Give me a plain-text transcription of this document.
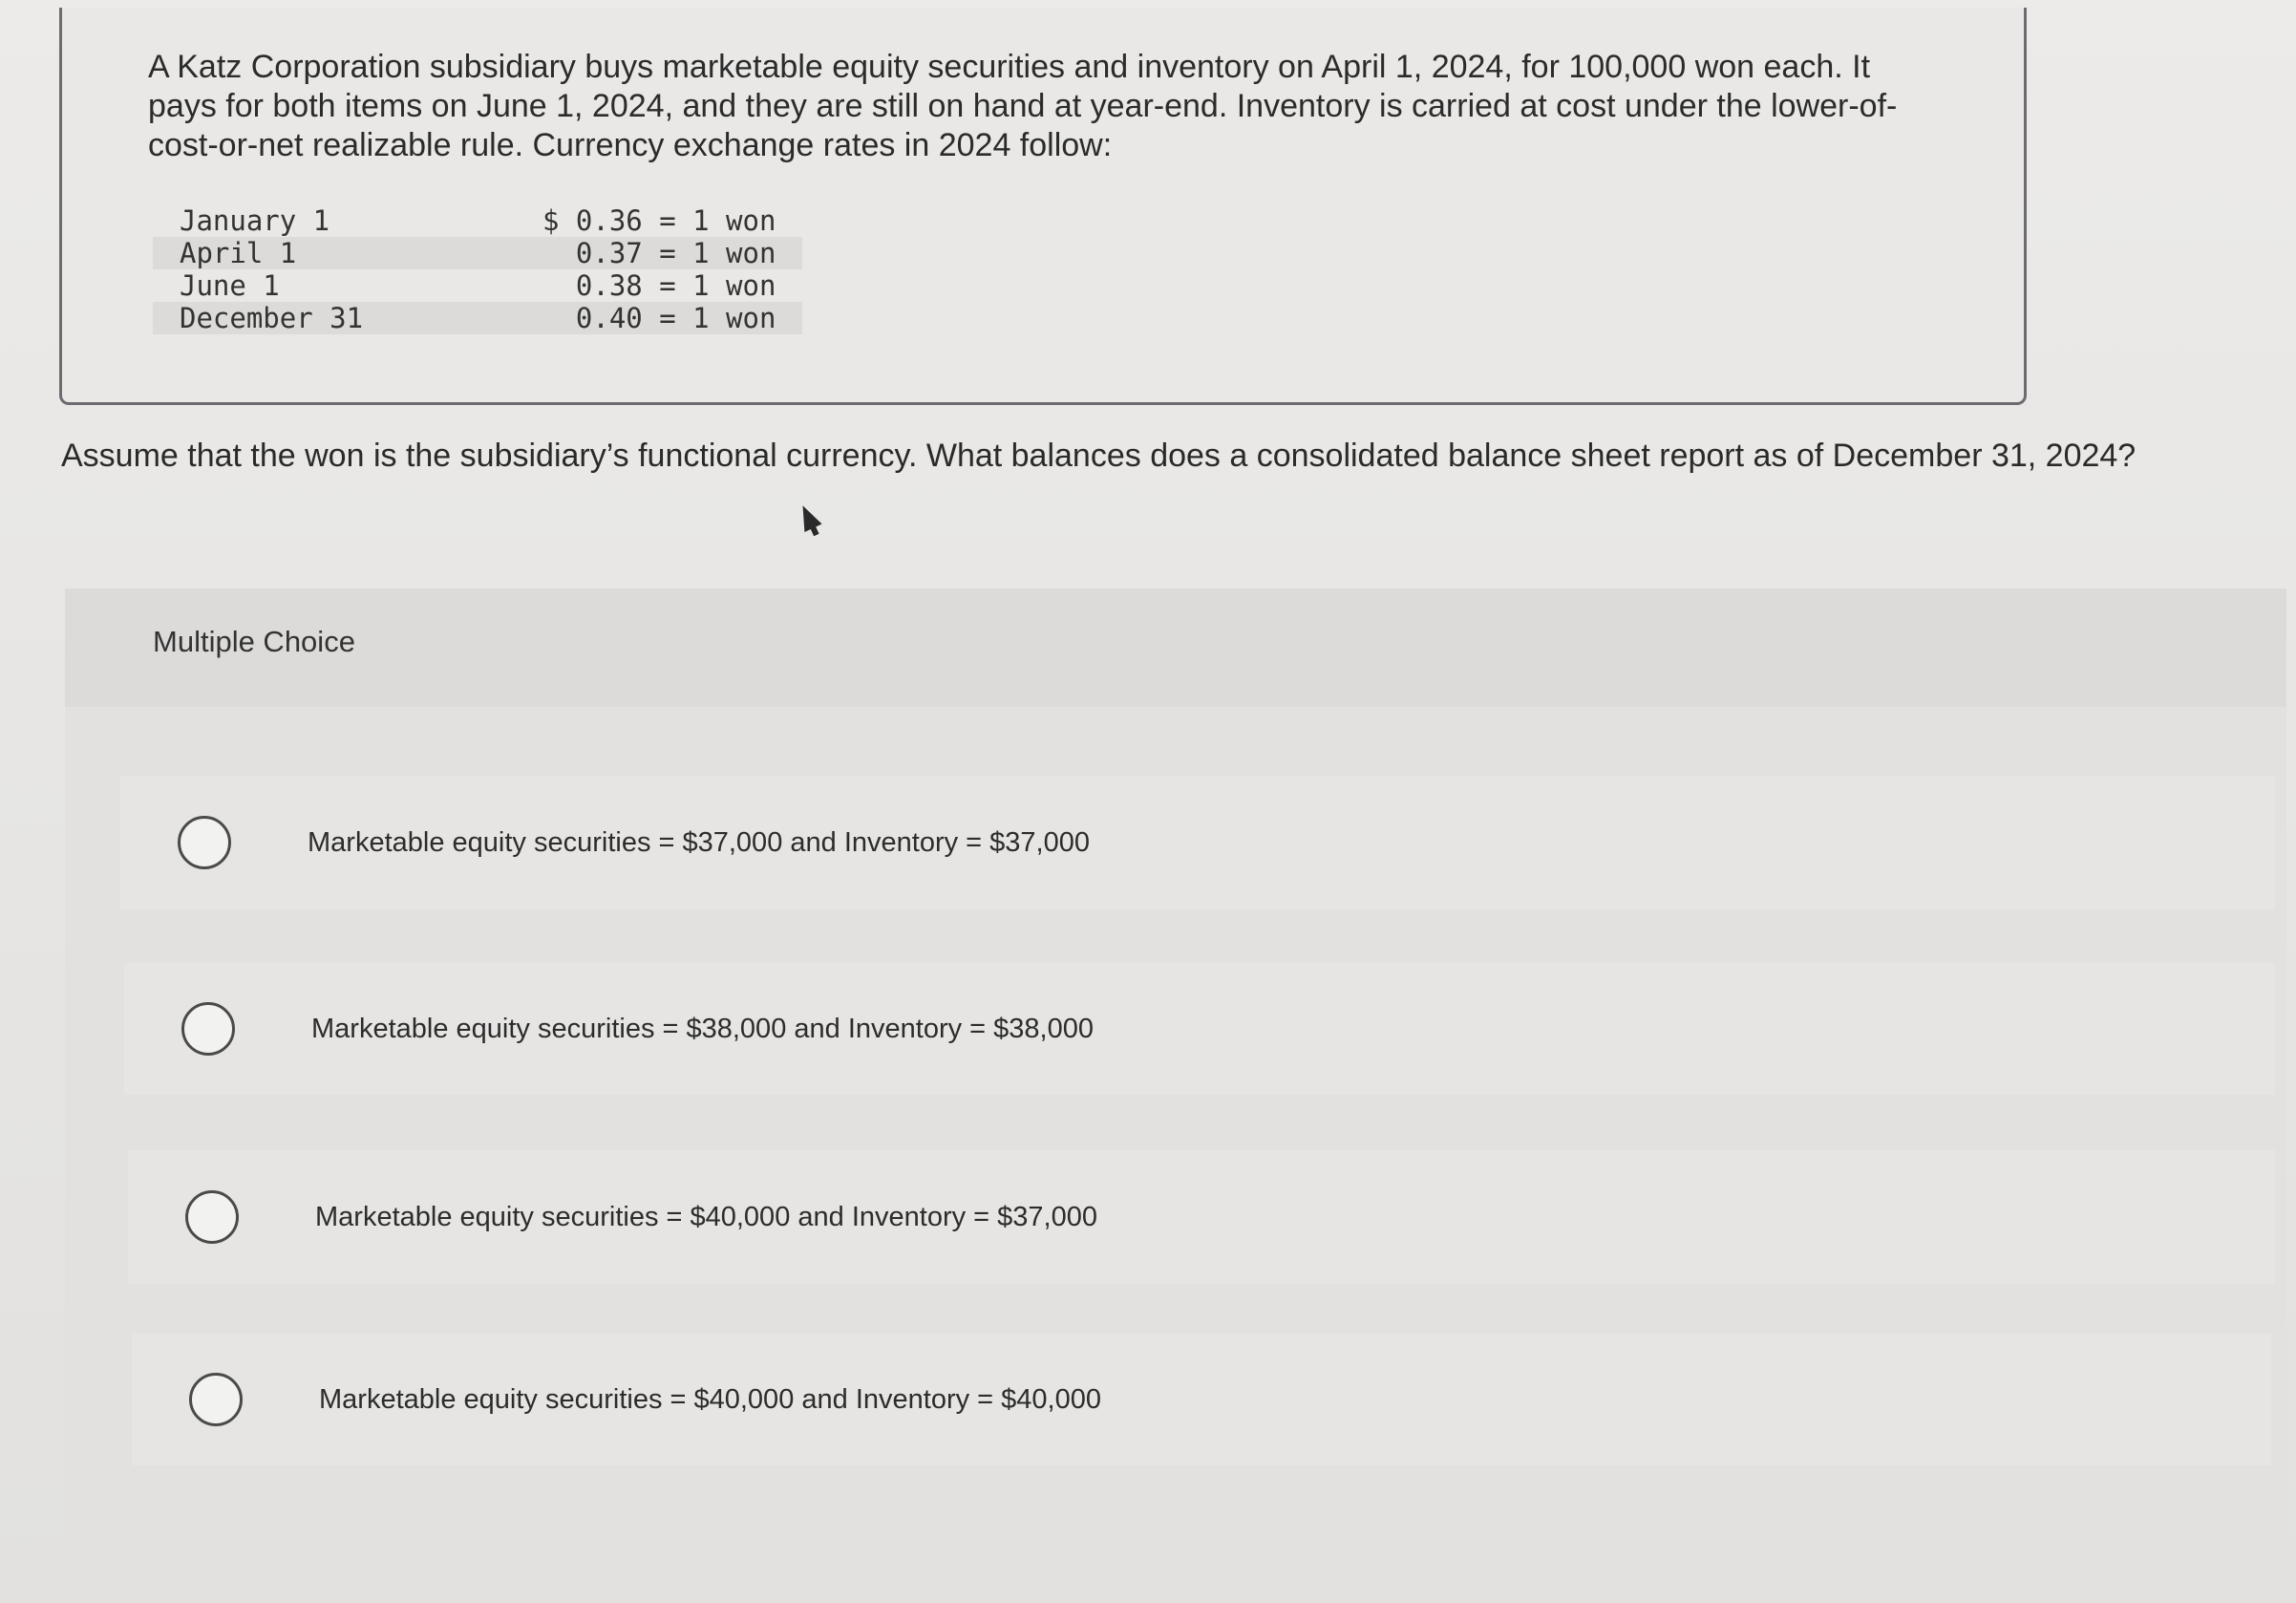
A Katz Corporation subsidiary buys marketable equity securities and inventory on April 1, 2024, for 100,000 won each. It
pays for both items on June 1, 2024, and they are still on hand at year-end. Inventory is carried at cost under the lower-of-
cost-or-net realizable rule. Currency exchange rates in 2024 follow:
January 1	$ 0.36 = 1 won
April 1	0.37 = 1 won
June 1	0.38 = 1 won
December 31	0.40 = 1 won
Assume that the won is the subsidiary’s functional currency. What balances does a consolidated balance sheet report as of December 31, 2024?
Multiple Choice
Marketable equity securities = $37,000 and Inventory = $37,000
Marketable equity securities = $38,000 and Inventory = $38,000
Marketable equity securities = $40,000 and Inventory = $37,000
Marketable equity securities = $40,000 and Inventory = $40,000
